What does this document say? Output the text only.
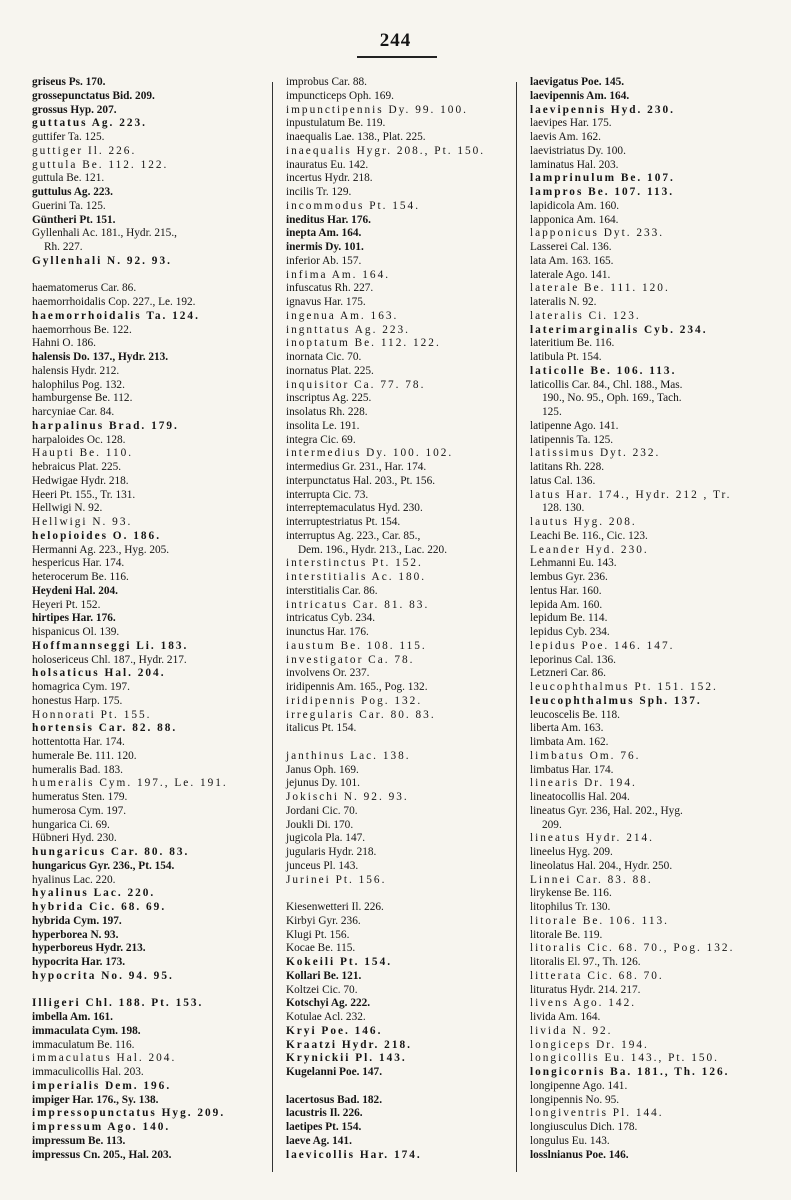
244
griseus Ps. 170.
grossepunctatus Bid. 209.
grossus Hyp. 207.
guttatus Ag. 223.
guttifer Ta. 125.
guttiger Il. 226.
guttula Be. 112. 122.
guttula Be. 121.
guttulus Ag. 223.
Guerini Ta. 125.
Güntheri Pt. 151.
Gyllenhali Ac. 181., Hydr. 215.,
Rh. 227.
Gyllenhali N. 92. 93.
haematomerus Car. 86.
haemorrhoidalis Cop. 227., Le. 192.
haemorrhoidalis Ta. 124.
haemorrhous Be. 122.
Hahni O. 186.
halensis Do. 137., Hydr. 213.
halensis Hydr. 212.
halophilus Pog. 132.
hamburgense Be. 112.
harcyniae Car. 84.
harpalinus Brad. 179.
harpaloides Oc. 128.
Haupti Be. 110.
hebraicus Plat. 225.
Hedwigae Hydr. 218.
Heeri Pt. 155., Tr. 131.
Hellwigi N. 92.
Hellwigi N. 93.
helopioides O. 186.
Hermanni Ag. 223., Hyg. 205.
hespericus Har. 174.
heterocerum Be. 116.
Heydeni Hal. 204.
Heyeri Pt. 152.
hirtipes Har. 176.
hispanicus Ol. 139.
Hoffmannseggi Li. 183.
holosericeus Chl. 187., Hydr. 217.
holsaticus Hal. 204.
homagrica Cym. 197.
honestus Harp. 175.
Honnorati Pt. 155.
hortensis Car. 82. 88.
hottentotta Har. 174.
humerale Be. 111. 120.
humeralis Bad. 183.
humeralis Cym. 197., Le. 191.
humeratus Sten. 179.
humerosa Cym. 197.
hungarica Ci. 69.
Hübneri Hyd. 230.
hungaricus Car. 80. 83.
hungaricus Gyr. 236., Pt. 154.
hyalinus Lac. 220.
hyalinus Lac. 220.
hybrida Cic. 68. 69.
hybrida Cym. 197.
hyperborea N. 93.
hyperboreus Hydr. 213.
hypocrita Har. 173.
hypocrita No. 94. 95.
Illigeri Chl. 188. Pt. 153.
imbella Am. 161.
immaculata Cym. 198.
immaculatum Be. 116.
immaculatus Hal. 204.
immaculicollis Hal. 203.
imperialis Dem. 196.
impiger Har. 176., Sy. 138.
impressopunctatus Hyg. 209.
impressum Ago. 140.
impressum Be. 113.
impressus Cn. 205., Hal. 203.
improbus Car. 88.
impuncticeps Oph. 169.
impunctipennis Dy. 99. 100.
inpustulatum Be. 119.
inaequalis Lae. 138., Plat. 225.
inaequalis Hygr. 208., Pt. 150.
inauratus Eu. 142.
incertus Hydr. 218.
incilis Tr. 129.
incommodus Pt. 154.
ineditus Har. 176.
inepta Am. 164.
inermis Dy. 101.
inferior Ab. 157.
infima Am. 164.
infuscatus Rh. 227.
ignavus Har. 175.
ingenua Am. 163.
ingnttatus Ag. 223.
inoptatum Be. 112. 122.
inornata Cic. 70.
inornatus Plat. 225.
inquisitor Ca. 77. 78.
inscriptus Ag. 225.
insolatus Rh. 228.
insolita Le. 191.
integra Cic. 69.
intermedius Dy. 100. 102.
intermedius Gr. 231., Har. 174.
interpunctatus Hal. 203., Pt. 156.
interrupta Cic. 73.
interreptemaculatus Hyd. 230.
interruptestriatus Pt. 154.
interruptus Ag. 223., Car. 85.,
Dem. 196., Hydr. 213., Lac. 220.
interstinctus Pt. 152.
interstitialis Ac. 180.
interstitialis Car. 86.
intricatus Car. 81. 83.
intricatus Cyb. 234.
inunctus Har. 176.
iaustum Be. 108. 115.
investigator Ca. 78.
involvens Or. 237.
iridipennis Am. 165., Pog. 132.
iridipennis Pog. 132.
irregularis Car. 80. 83.
italicus Pt. 154.
janthinus Lac. 138.
Janus Oph. 169.
jejunus Dy. 101.
Jokischi N. 92. 93.
Jordani Cic. 70.
Joukli Di. 170.
jugicola Pla. 147.
jugularis Hydr. 218.
junceus Pl. 143.
Jurinei Pt. 156.
Kiesenwetteri Il. 226.
Kirbyi Gyr. 236.
Klugi Pt. 156.
Kocae Be. 115.
Kokeili Pt. 154.
Kollari Be. 121.
Koltzei Cic. 70.
Kotschyi Ag. 222.
Kotulae Acl. 232.
Kryi Poe. 146.
Kraatzi Hydr. 218.
Krynickii Pl. 143.
Kugelanni Poe. 147.
lacertosus Bad. 182.
lacustris Il. 226.
laetipes Pt. 154.
laeve Ag. 141.
laevicollis Har. 174.
laevigatus Poe. 145.
laevipennis Am. 164.
laevipennis Hyd. 230.
laevipes Har. 175.
laevis Am. 162.
laevistriatus Dy. 100.
laminatus Hal. 203.
lamprinulum Be. 107.
lampros Be. 107. 113.
lapidicola Am. 160.
lapponica Am. 164.
lapponicus Dyt. 233.
Lasserei Cal. 136.
lata Am. 163. 165.
laterale Ago. 141.
laterale Be. 111. 120.
lateralis N. 92.
lateralis Ci. 123.
laterimarginalis Cyb. 234.
lateritium Be. 116.
latibula Pt. 154.
laticolle Be. 106. 113.
laticollis Car. 84., Chl. 188., Mas.
190., No. 95., Oph. 169., Tach.
125.
latipenne Ago. 141.
latipennis Ta. 125.
latissimus Dyt. 232.
latitans Rh. 228.
latus Cal. 136.
latus Har. 174., Hydr. 212 , Tr.
128. 130.
lautus Hyg. 208.
Leachi Be. 116., Cic. 123.
Leander Hyd. 230.
Lehmanni Eu. 143.
lembus Gyr. 236.
lentus Har. 160.
lepida Am. 160.
lepidum Be. 114.
lepidus Cyb. 234.
lepidus Poe. 146. 147.
leporinus Cal. 136.
Letzneri Car. 86.
leucophthalmus Pt. 151. 152.
leucophthalmus Sph. 137.
leucoscelis Be. 118.
liberta Am. 163.
limbata Am. 162.
limbatus Om. 76.
limbatus Har. 174.
linearis Dr. 194.
lineatocollis Hal. 204.
lineatus Gyr. 236, Hal. 202., Hyg.
209.
lineatus Hydr. 214.
lineelus Hyg. 209.
lineolatus Hal. 204., Hydr. 250.
Linnei Car. 83. 88.
lirykense Be. 116.
litophilus Tr. 130.
litorale Be. 106. 113.
litorale Be. 119.
litoralis Cic. 68. 70., Pog. 132.
litoralis El. 97., Th. 126.
litterata Cic. 68. 70.
lituratus Hydr. 214. 217.
livens Ago. 142.
livida Am. 164.
livida N. 92.
longiceps Dr. 194.
longicollis Eu. 143., Pt. 150.
longicornis Ba. 181., Th. 126.
longipenne Ago. 141.
longipennis No. 95.
longiventris Pl. 144.
longiusculus Dich. 178.
longulus Eu. 143.
losslnianus Poe. 146.
